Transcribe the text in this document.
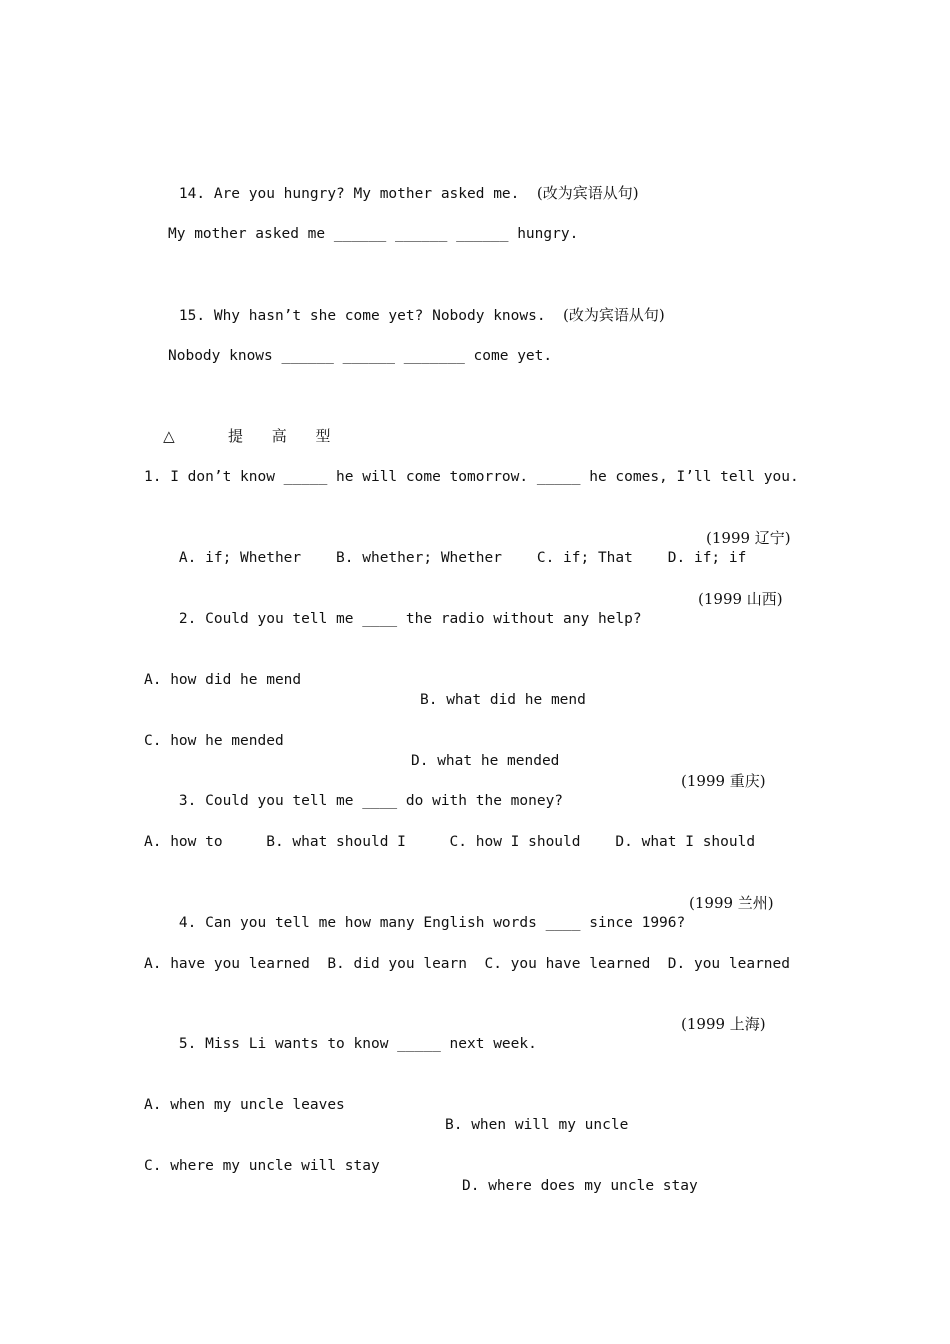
14. Are you hungry? My mother asked me.  (改为宾语从句)

My mother asked me ______ ______ ______ hungry.

15. Why hasn’t she come yet? Nobody knows.  (改为宾语从句)

Nobody knows ______ ______ _______ come yet.

△	提 高 型

1. I don’t know _____ he will come tomorrow. _____ he comes, I’ll tell you.

A. if; Whether    B. whether; Whether    C. if; That    D. if; if

(1999 辽宁)

2. Could you tell me ____ the radio without any help?

(1999 山西)

A. how did he mend

B. what did he mend

C. how he mended

D. what he mended

3. Could you tell me ____ do with the money?

(1999 重庆)

A. how to     B. what should I     C. how I should    D. what I should

4. Can you tell me how many English words ____ since 1996?

(1999 兰州)

A. have you learned  B. did you learn  C. you have learned  D. you learned

5. Miss Li wants to know _____ next week.

(1999 上海)

A. when my uncle leaves

B. when will my uncle

C. where my uncle will stay

D. where does my uncle stay
